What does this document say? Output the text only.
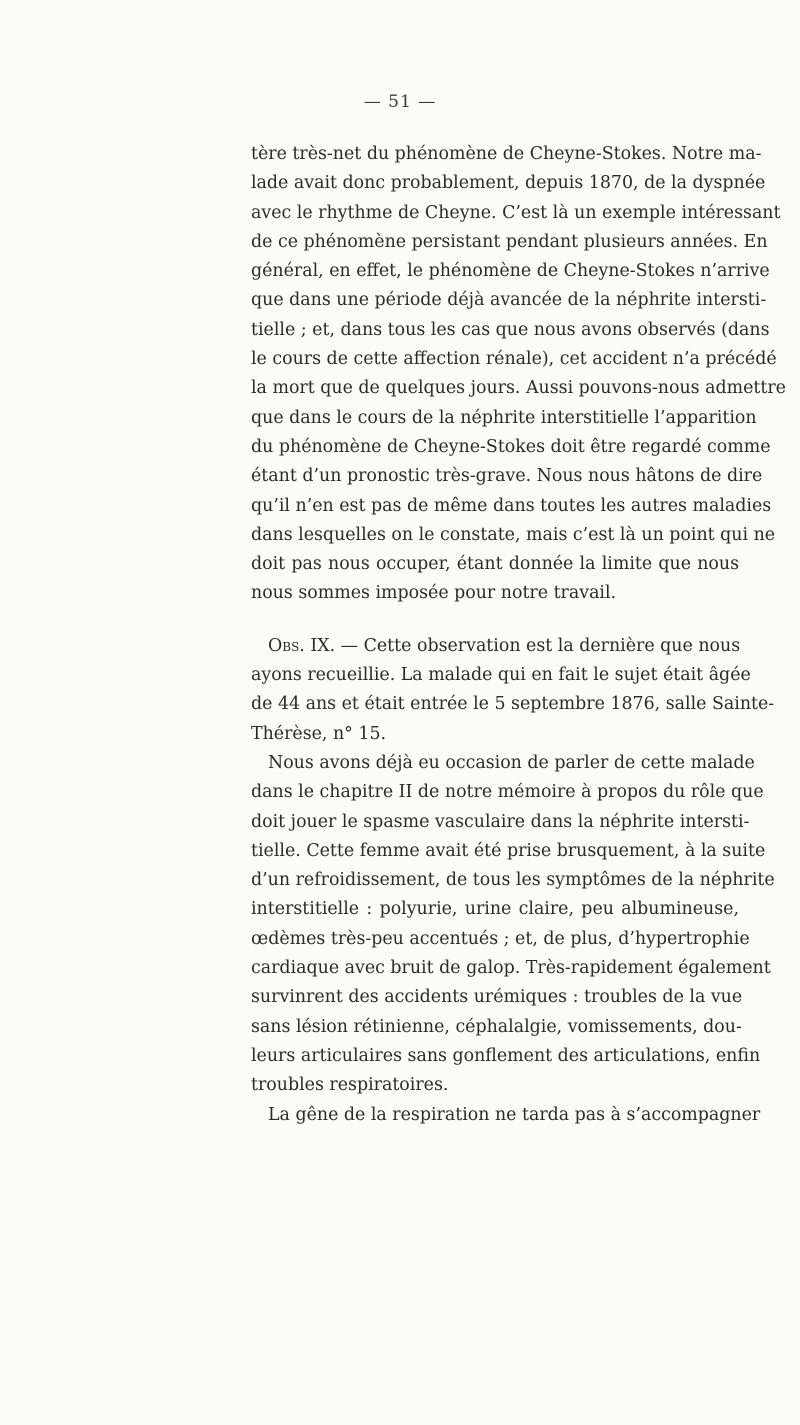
— 51 —
tère très-net du phénomène de Cheyne-Stokes. Notre ma-
lade avait donc probablement, depuis 1870, de la dyspnée
avec le rhythme de Cheyne. C’est là un exemple intéressant
de ce phénomène persistant pendant plusieurs années. En
général, en effet, le phénomène de Cheyne-Stokes n’arrive
que dans une période déjà avancée de la néphrite intersti-
tielle ; et, dans tous les cas que nous avons observés (dans
le cours de cette affection rénale), cet accident n’a précédé
la mort que de quelques jours. Aussi pouvons-nous admettre
que dans le cours de la néphrite interstitielle l’apparition
du phénomène de Cheyne-Stokes doit être regardé comme
étant d’un pronostic très-grave. Nous nous hâtons de dire
qu’il n’en est pas de même dans toutes les autres maladies
dans lesquelles on le constate, mais c’est là un point qui ne
doit pas nous occuper, étant donnée la limite que nous
nous sommes imposée pour notre travail.
Obs. IX. — Cette observation est la dernière que nous
ayons recueillie. La malade qui en fait le sujet était âgée
de 44 ans et était entrée le 5 septembre 1876, salle Sainte-
Thérèse, n° 15.
Nous avons déjà eu occasion de parler de cette malade
dans le chapitre II de notre mémoire à propos du rôle que
doit jouer le spasme vasculaire dans la néphrite intersti-
tielle. Cette femme avait été prise brusquement, à la suite
d’un refroidissement, de tous les symptômes de la néphrite
interstitielle : polyurie, urine claire, peu albumineuse,
œdèmes très-peu accentués ; et, de plus, d’hypertrophie
cardiaque avec bruit de galop. Très-rapidement également
survinrent des accidents urémiques : troubles de la vue
sans lésion rétinienne, céphalalgie, vomissements, dou-
leurs articulaires sans gonflement des articulations, enfin
troubles respiratoires.
La gêne de la respiration ne tarda pas à s’accompagner
